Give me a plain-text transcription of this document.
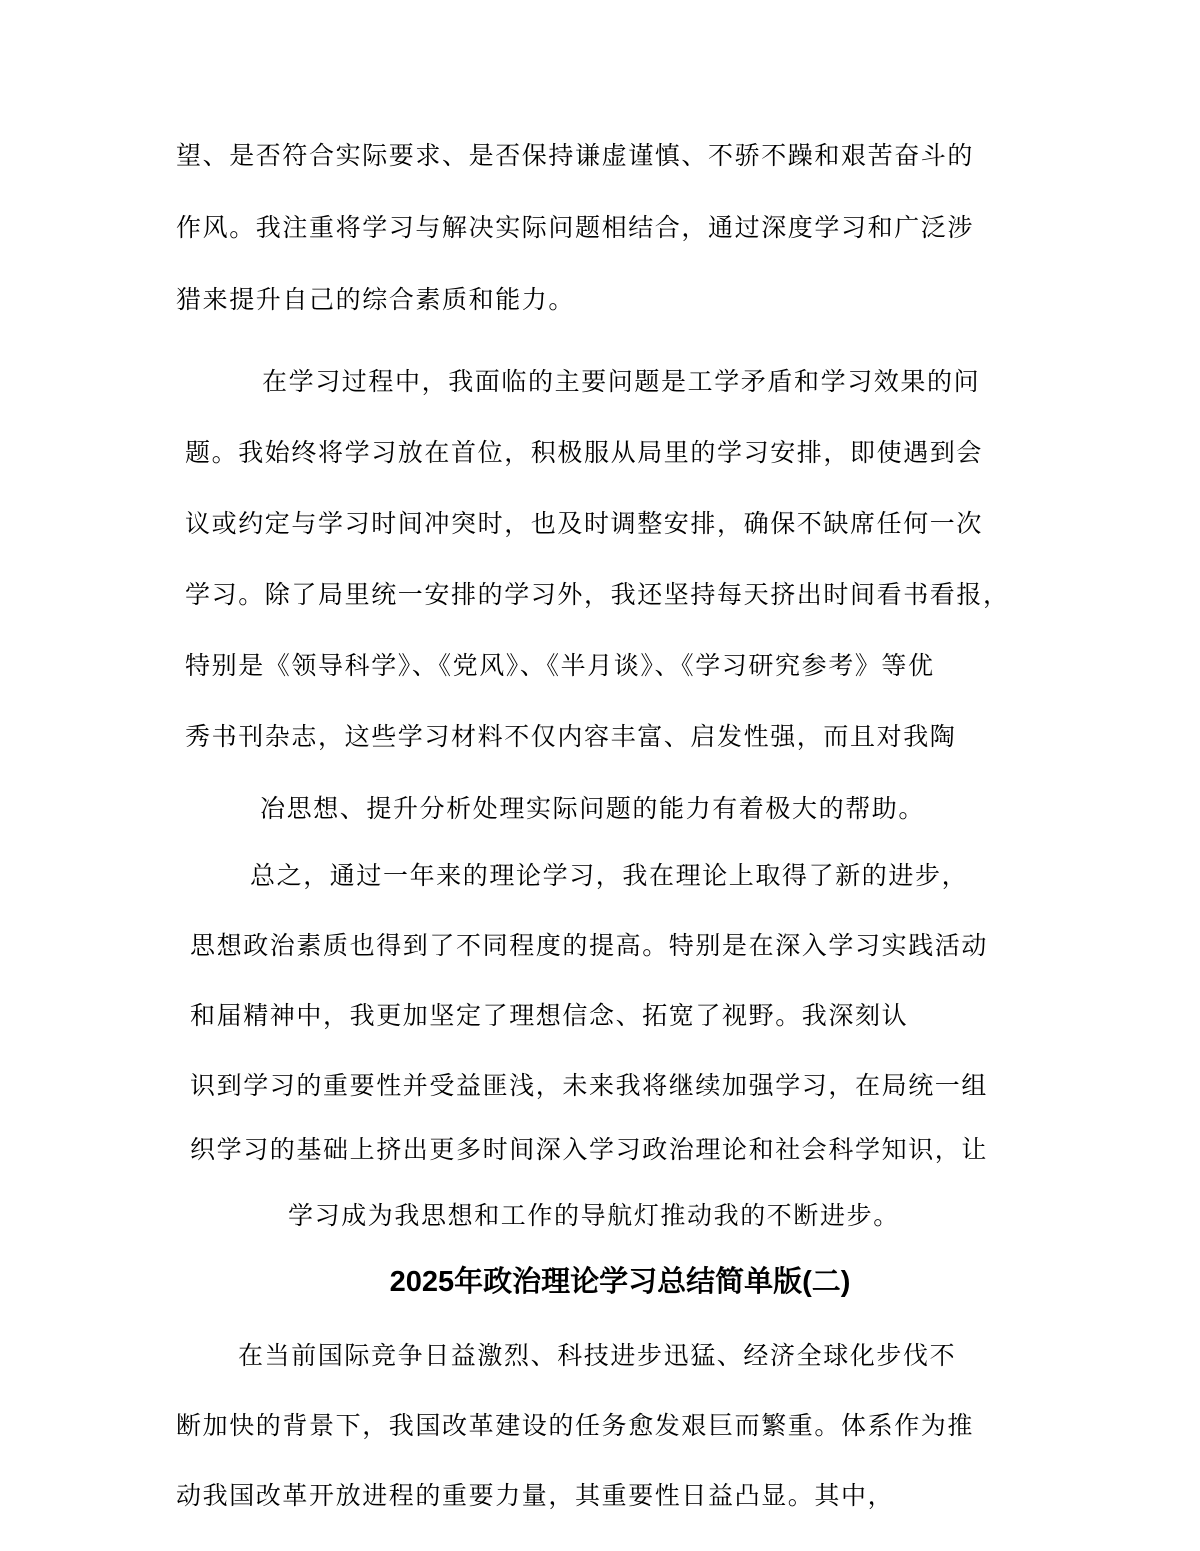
望、是否符合实际要求、是否保持谦虚谨慎、不骄不躁和艰苦奋斗的
作风。我注重将学习与解决实际问题相结合，通过深度学习和广泛涉
猎来提升自己的综合素质和能力。
在学习过程中，我面临的主要问题是工学矛盾和学习效果的问
题。我始终将学习放在首位，积极服从局里的学习安排，即使遇到会
议或约定与学习时间冲突时，也及时调整安排，确保不缺席任何一次
学习。除了局里统一安排的学习外，我还坚持每天挤出时间看书看报，
特别是《领导科学》、《党风》、《半月谈》、《学习研究参考》等优
秀书刊杂志，这些学习材料不仅内容丰富、启发性强，而且对我陶
冶思想、提升分析处理实际问题的能力有着极大的帮助。
总之，通过一年来的理论学习，我在理论上取得了新的进步，
思想政治素质也得到了不同程度的提高。特别是在深入学习实践活动
和届精神中，我更加坚定了理想信念、拓宽了视野。我深刻认
识到学习的重要性并受益匪浅，未来我将继续加强学习，在局统一组
织学习的基础上挤出更多时间深入学习政治理论和社会科学知识，让
学习成为我思想和工作的导航灯推动我的不断进步。
2025年政治理论学习总结简单版(二)
在当前国际竞争日益激烈、科技进步迅猛、经济全球化步伐不
断加快的背景下，我国改革建设的任务愈发艰巨而繁重。体系作为推
动我国改革开放进程的重要力量，其重要性日益凸显。其中，
